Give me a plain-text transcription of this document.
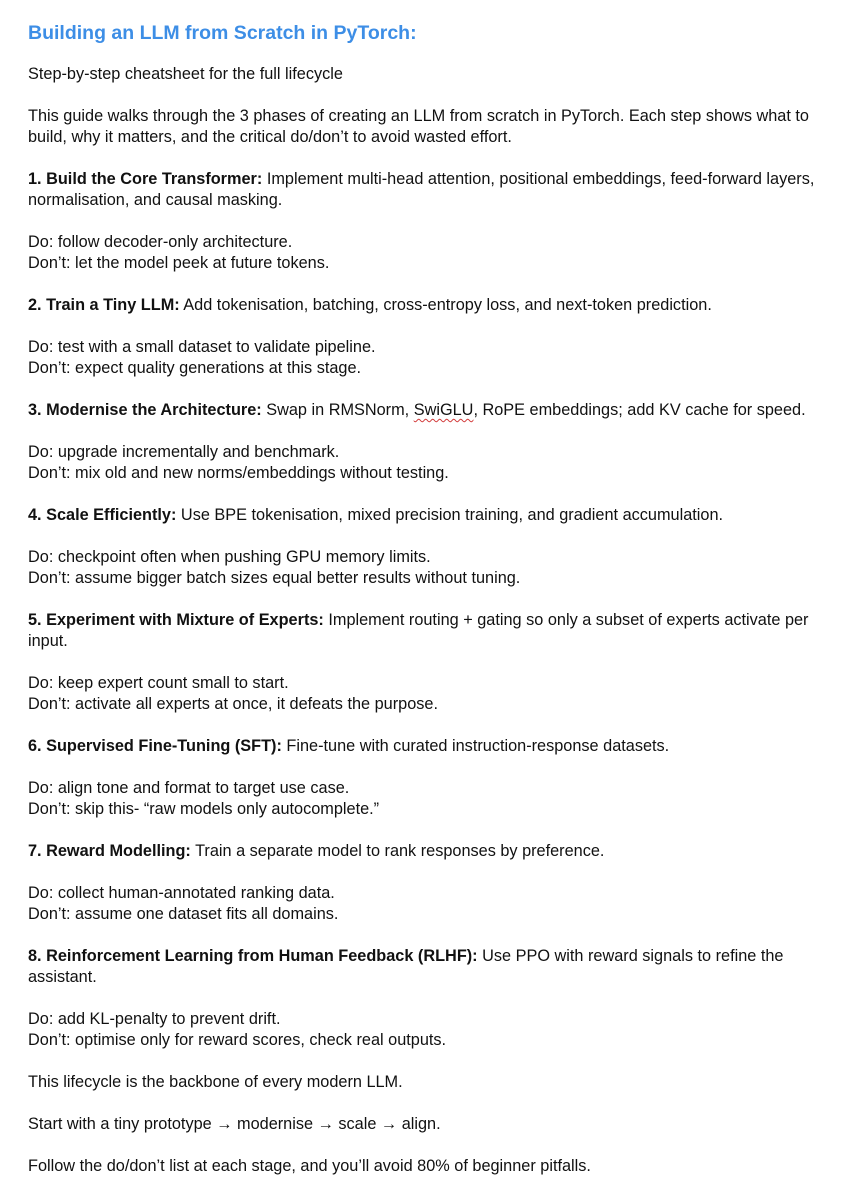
Building an LLM from Scratch in PyTorch:

Step-by-step cheatsheet for the full lifecycle

This guide walks through the 3 phases of creating an LLM from scratch in PyTorch. Each step shows what to build, why it matters, and the critical do/don’t to avoid wasted effort.

1. Build the Core Transformer: Implement multi-head attention, positional embeddings, feed-forward layers, normalisation, and causal masking.

Do: follow decoder-only architecture.
Don’t: let the model peek at future tokens.

2. Train a Tiny LLM: Add tokenisation, batching, cross-entropy loss, and next-token prediction.

Do: test with a small dataset to validate pipeline.
Don’t: expect quality generations at this stage.

3. Modernise the Architecture: Swap in RMSNorm, SwiGLU, RoPE embeddings; add KV cache for speed.

Do: upgrade incrementally and benchmark.
Don’t: mix old and new norms/embeddings without testing.

4. Scale Efficiently: Use BPE tokenisation, mixed precision training, and gradient accumulation.

Do: checkpoint often when pushing GPU memory limits.
Don’t: assume bigger batch sizes equal better results without tuning.

5. Experiment with Mixture of Experts: Implement routing + gating so only a subset of experts activate per input.

Do: keep expert count small to start.
Don’t: activate all experts at once, it defeats the purpose.

6. Supervised Fine-Tuning (SFT): Fine-tune with curated instruction-response datasets.

Do: align tone and format to target use case.
Don’t: skip this- “raw models only autocomplete.”

7. Reward Modelling: Train a separate model to rank responses by preference.

Do: collect human-annotated ranking data.
Don’t: assume one dataset fits all domains.

8. Reinforcement Learning from Human Feedback (RLHF): Use PPO with reward signals to refine the assistant.

Do: add KL-penalty to prevent drift.
Don’t: optimise only for reward scores, check real outputs.

This lifecycle is the backbone of every modern LLM.

Start with a tiny prototype → modernise → scale → align.

Follow the do/don’t list at each stage, and you’ll avoid 80% of beginner pitfalls.
